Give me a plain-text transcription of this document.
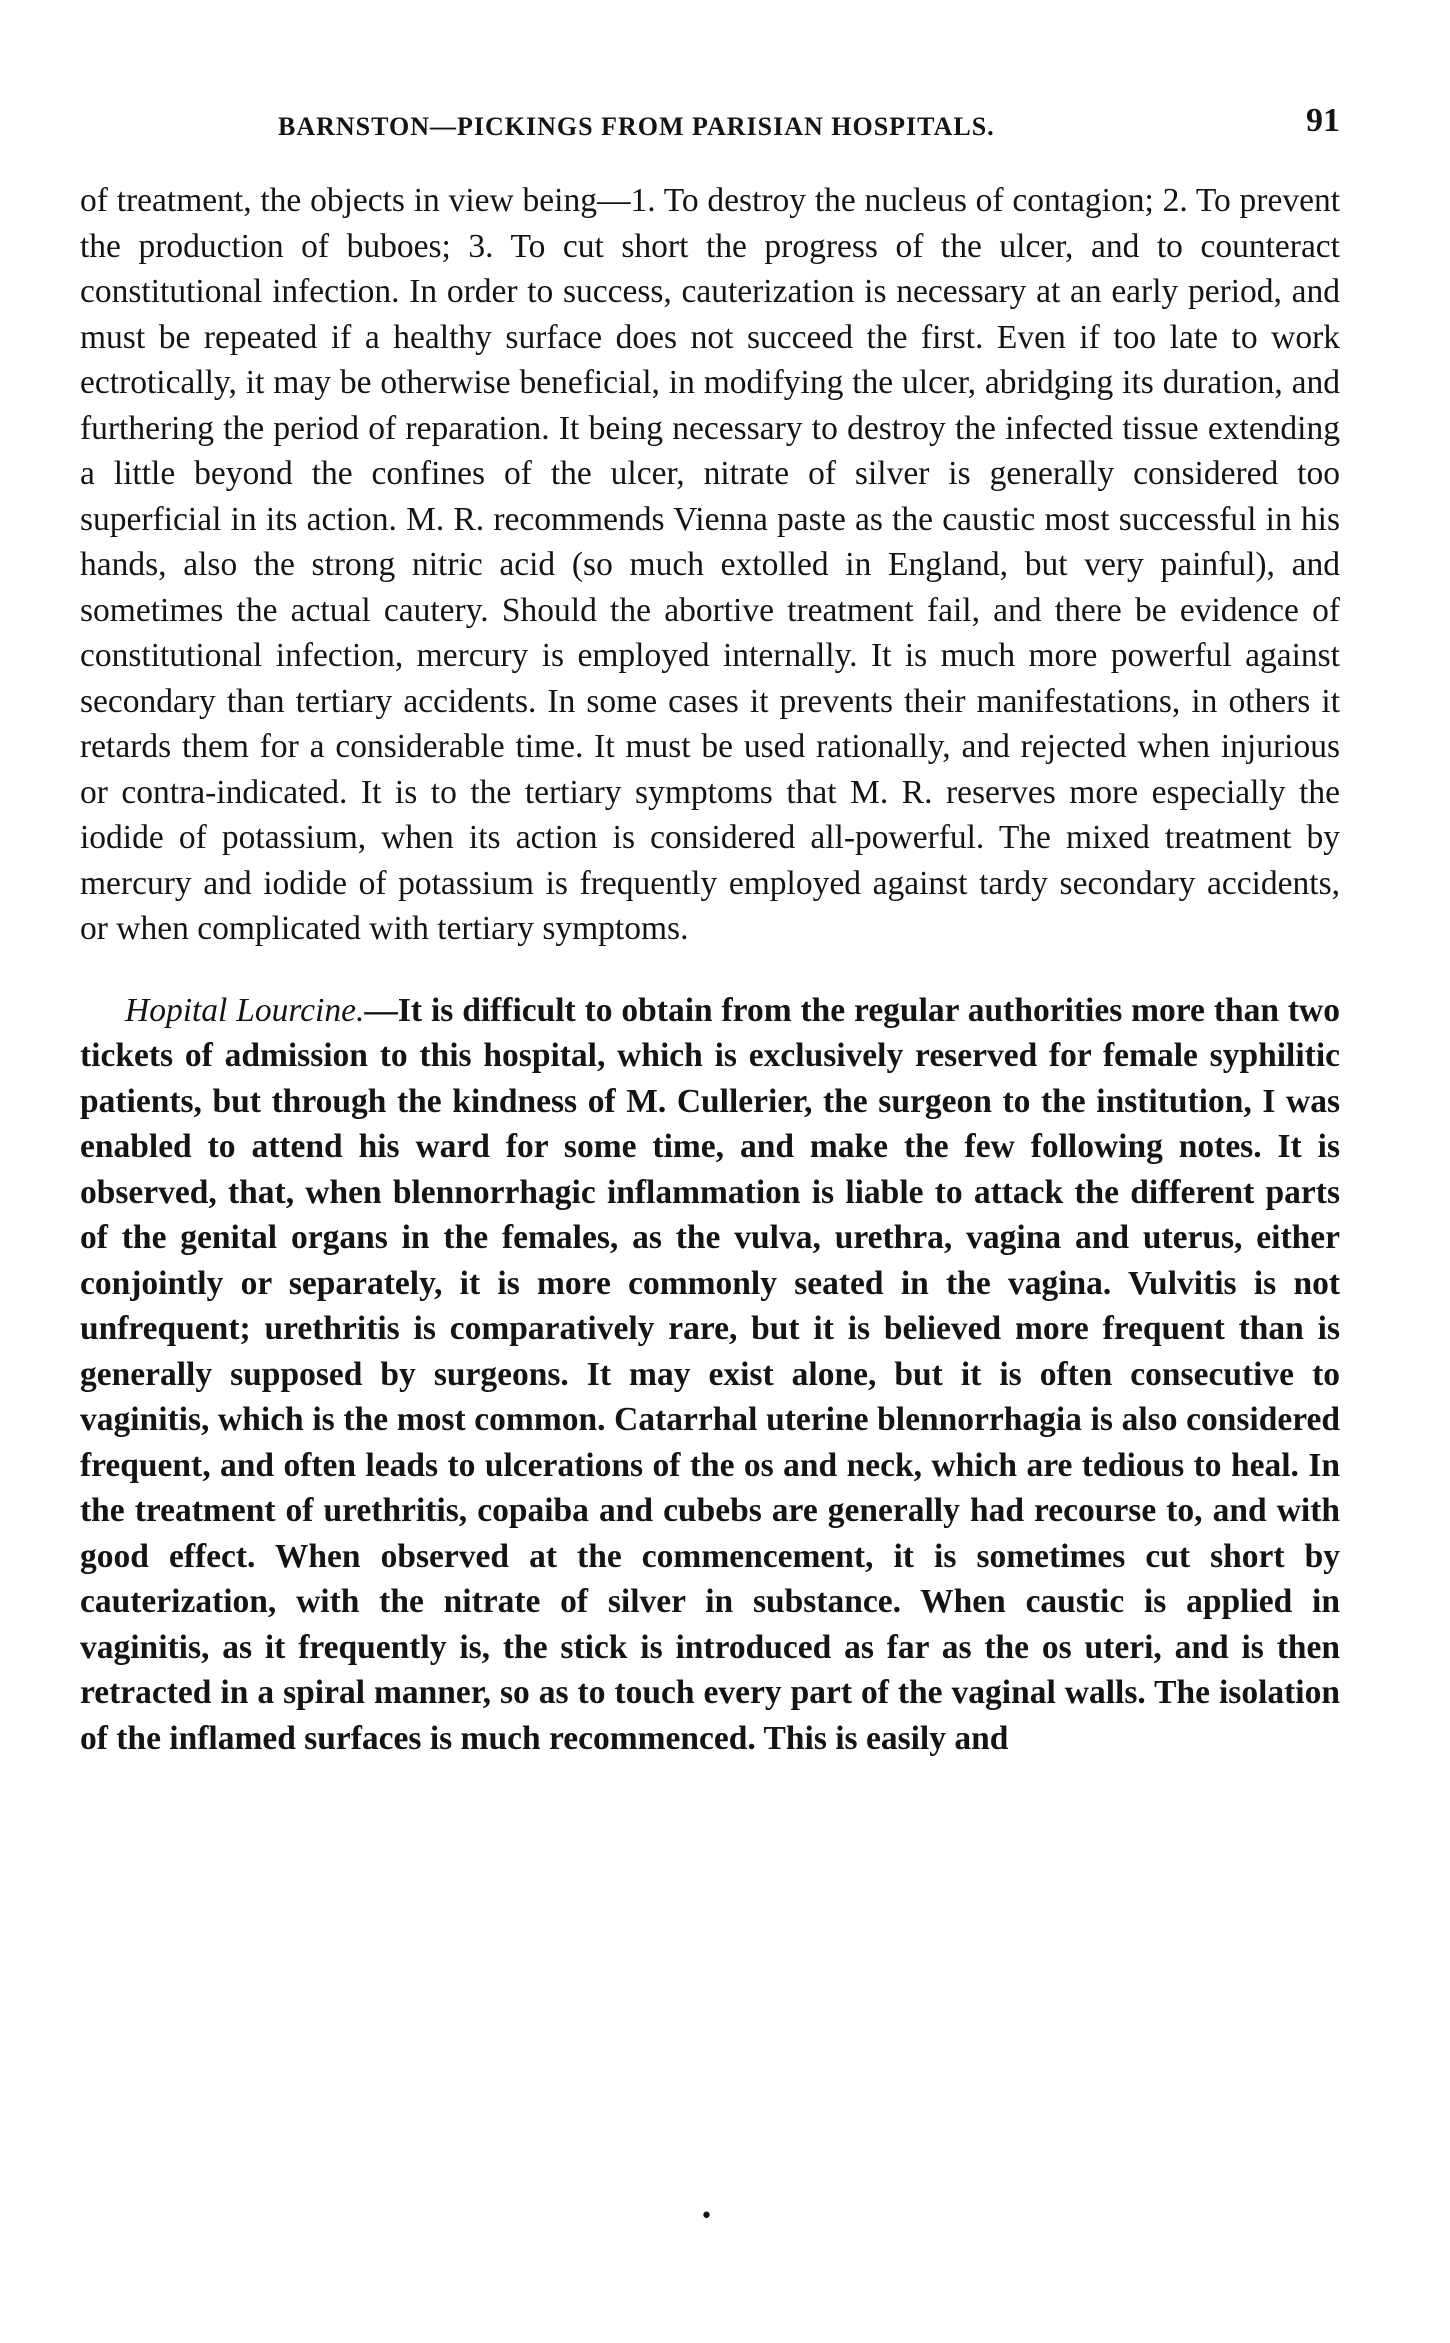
BARNSTON—PICKINGS FROM PARISIAN HOSPITALS.	91

of treatment, the objects in view being—1. To destroy the nucleus of contagion; 2. To prevent the production of buboes; 3. To cut short the progress of the ulcer, and to counteract constitutional infection. In order to success, cauterization is necessary at an early period, and must be repeated if a healthy surface does not succeed the first. Even if too late to work ectrotically, it may be otherwise beneficial, in modifying the ulcer, abridging its duration, and furthering the period of reparation. It being necessary to destroy the infected tissue extending a little beyond the confines of the ulcer, nitrate of silver is generally considered too superficial in its action. M. R. recommends Vienna paste as the caustic most successful in his hands, also the strong nitric acid (so much extolled in England, but very painful), and sometimes the actual cautery. Should the abortive treatment fail, and there be evidence of constitutional infection, mercury is employed internally. It is much more powerful against secondary than tertiary accidents. In some cases it prevents their manifestations, in others it retards them for a considerable time. It must be used rationally, and rejected when injurious or contra-indicated. It is to the tertiary symptoms that M. R. reserves more especially the iodide of potassium, when its action is considered all-powerful. The mixed treatment by mercury and iodide of potassium is frequently employed against tardy secondary accidents, or when complicated with tertiary symptoms.

Hopital Lourcine.—It is difficult to obtain from the regular authorities more than two tickets of admission to this hospital, which is exclusively reserved for female syphilitic patients, but through the kindness of M. Cullerier, the surgeon to the institution, I was enabled to attend his ward for some time, and make the few following notes. It is observed, that, when blennorrhagic inflammation is liable to attack the different parts of the genital organs in the females, as the vulva, urethra, vagina and uterus, either conjointly or separately, it is more commonly seated in the vagina. Vulvitis is not unfrequent; urethritis is comparatively rare, but it is believed more frequent than is generally supposed by surgeons. It may exist alone, but it is often consecutive to vaginitis, which is the most common. Catarrhal uterine blennorrhagia is also considered frequent, and often leads to ulcerations of the os and neck, which are tedious to heal. In the treatment of urethritis, copaiba and cubebs are generally had recourse to, and with good effect. When observed at the commencement, it is sometimes cut short by cauterization, with the nitrate of silver in substance. When caustic is applied in vaginitis, as it frequently is, the stick is introduced as far as the os uteri, and is then retracted in a spiral manner, so as to touch every part of the vaginal walls. The isolation of the inflamed surfaces is much recommenced. This is easily and

•
